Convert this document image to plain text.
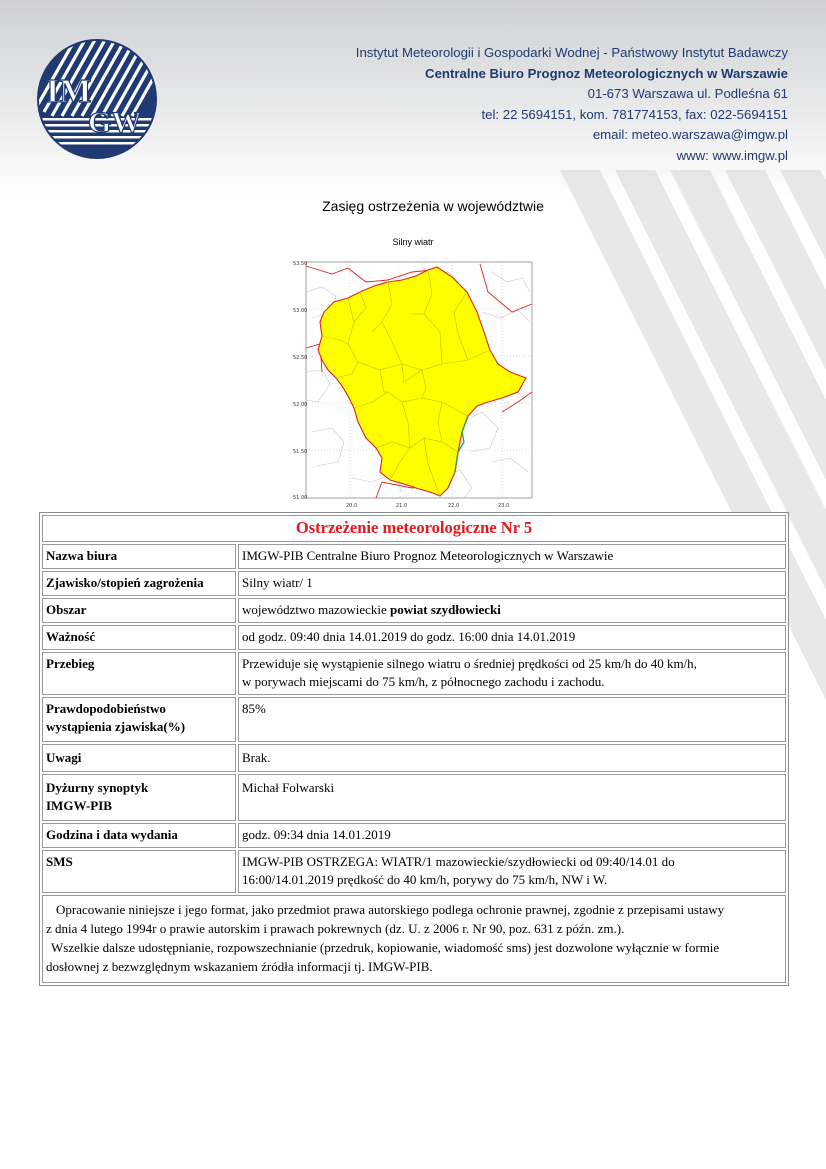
IM
GW
Instytut Meteorologii i Gospodarki Wodnej - Państwowy Instytut Badawczy
Centralne Biuro Prognoz Meteorologicznych w Warszawie
01-673 Warszawa ul. Podleśna 61
tel: 22 5694151, kom. 781774153, fax: 022-5694151
email: meteo.warszawa@imgw.pl
www: www.imgw.pl
Zasięg ostrzeżenia w województwie
Silny wiatr
53.50
53.00
52.50
52.00
51.50
51.00
20.0	21.0	22.0	23.0
Ostrzeżenie meteorologiczne Nr 5	
Nazwa biura	IMGW-PIB Centralne Biuro Prognoz Meteorologicznych w Warszawie
Zjawisko/stopień zagrożenia	Silny wiatr/ 1
Obszar	województwo mazowieckie powiat szydłowiecki
Ważność	od godz. 09:40 dnia 14.01.2019 do godz. 16:00 dnia 14.01.2019
Przebieg	Przewiduje się wystąpienie silnego wiatru o średniej prędkości od 25 km/h do 40 km/h,
w porywach miejscami do 75 km/h, z północnego zachodu i zachodu.

Prawdopodobieństwo
wystąpienia zjawiska(%)	85%
Uwagi	Brak.

Dyżurny synoptyk
IMGW-PIB	Michał Folwarski
Godzina i data wydania	godz. 09:34 dnia 14.01.2019
SMS	IMGW-PIB OSTRZEGA: WIATR/1 mazowieckie/szydłowiecki od 09:40/14.01 do
16:00/14.01.2019 prędkość do 40 km/h, porywy do 75 km/h, NW i W.

Opracowanie niniejsze i jego format, jako przedmiot prawa autorskiego podlega ochronie prawnej, zgodnie z przepisami ustawy
z dnia 4 lutego 1994r o prawie autorskim i prawach pokrewnych (dz. U. z 2006 r. Nr 90, poz. 631 z późn. zm.).
Wszelkie dalsze udostępnianie, rozpowszechnianie (przedruk, kopiowanie, wiadomość sms) jest dozwolone wyłącznie w formie
dosłownej z bezwzględnym wskazaniem źródła informacji tj. IMGW-PIB.	
